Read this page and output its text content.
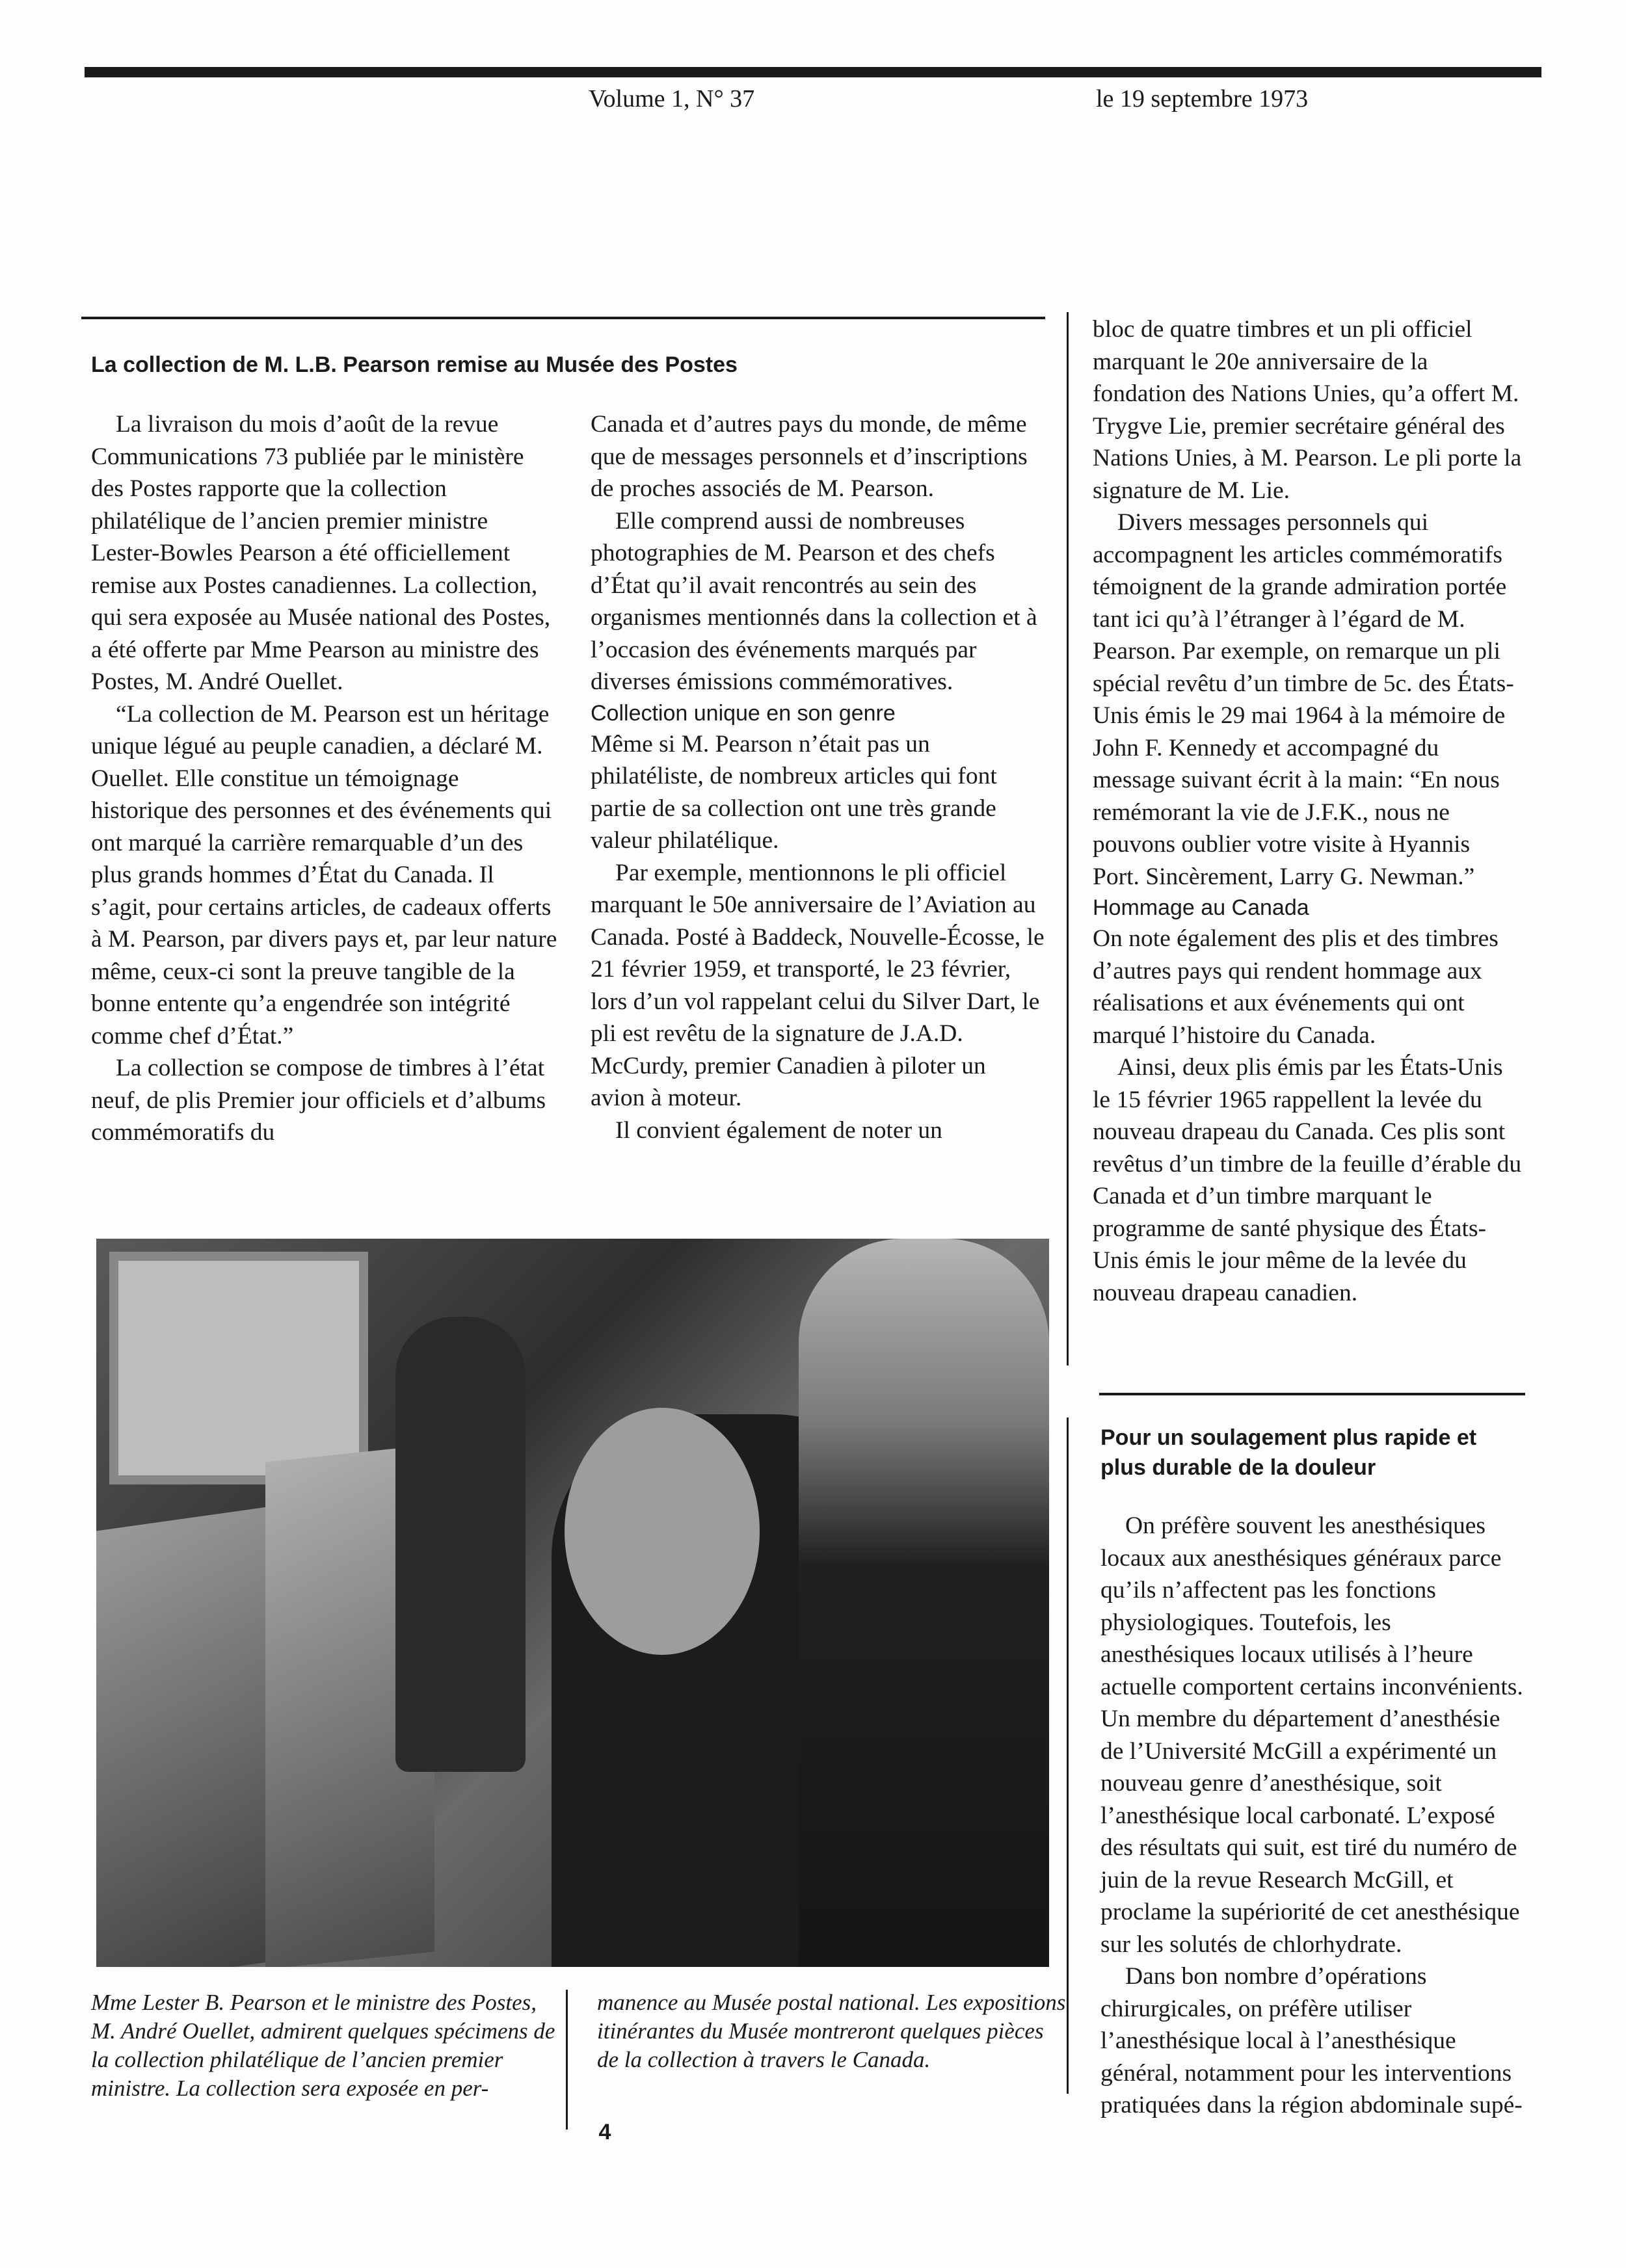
Volume 1, N° 37	le 19 septembre 1973
La collection de M. L.B. Pearson remise au Musée des Postes

La livraison du mois d’août de la revue Communications 73 publiée par le ministère des Postes rapporte que la collection philatélique de l’ancien premier ministre Lester-Bowles Pearson a été officiellement remise aux Postes canadiennes. La collection, qui sera exposée au Musée national des Postes, a été offerte par Mme Pearson au ministre des Postes, M. André Ouellet.

“La collection de M. Pearson est un héritage unique légué au peuple canadien, a déclaré M. Ouellet. Elle constitue un témoignage historique des personnes et des événements qui ont marqué la carrière remarquable d’un des plus grands hommes d’État du Canada. Il s’agit, pour certains articles, de cadeaux offerts à M. Pearson, par divers pays et, par leur nature même, ceux-ci sont la preuve tangible de la bonne entente qu’a engendrée son intégrité comme chef d’État.”

La collection se compose de timbres à l’état neuf, de plis Premier jour officiels et d’albums commémoratifs du

Canada et d’autres pays du monde, de même que de messages personnels et d’inscriptions de proches associés de M. Pearson.

Elle comprend aussi de nombreuses photographies de M. Pearson et des chefs d’État qu’il avait rencontrés au sein des organismes mentionnés dans la collection et à l’occasion des événements marqués par diverses émissions commémoratives.

Collection unique en son genre

Même si M. Pearson n’était pas un philatéliste, de nombreux articles qui font partie de sa collection ont une très grande valeur philatélique.

Par exemple, mentionnons le pli officiel marquant le 50e anniversaire de l’Aviation au Canada. Posté à Baddeck, Nouvelle-Écosse, le 21 février 1959, et transporté, le 23 février, lors d’un vol rappelant celui du Silver Dart, le pli est revêtu de la signature de J.A.D. McCurdy, premier Canadien à piloter un avion à moteur.

Il convient également de noter un

bloc de quatre timbres et un pli officiel marquant le 20e anniversaire de la fondation des Nations Unies, qu’a offert M. Trygve Lie, premier secrétaire général des Nations Unies, à M. Pearson. Le pli porte la signature de M. Lie.

Divers messages personnels qui accompagnent les articles commémoratifs témoignent de la grande admiration portée tant ici qu’à l’étranger à l’égard de M. Pearson. Par exemple, on remarque un pli spécial revêtu d’un timbre de 5c. des États-Unis émis le 29 mai 1964 à la mémoire de John F. Kennedy et accompagné du message suivant écrit à la main: “En nous remémorant la vie de J.F.K., nous ne pouvons oublier votre visite à Hyannis Port. Sincèrement, Larry G. Newman.”

Hommage au Canada

On note également des plis et des timbres d’autres pays qui rendent hommage aux réalisations et aux événements qui ont marqué l’histoire du Canada.

Ainsi, deux plis émis par les États-Unis le 15 février 1965 rappellent la levée du nouveau drapeau du Canada. Ces plis sont revêtus d’un timbre de la feuille d’érable du Canada et d’un timbre marquant le programme de santé physique des États-Unis émis le jour même de la levée du nouveau drapeau canadien.

Mme Lester B. Pearson et le ministre des Postes, M. André Ouellet, admirent quelques spécimens de la collection philatélique de l’ancien premier ministre. La collection sera exposée en per-
manence au Musée postal national. Les expositions itinérantes du Musée montreront quelques pièces de la collection à travers le Canada.
Pour un soulagement plus rapide et
plus durable de la douleur

On préfère souvent les anesthésiques locaux aux anesthésiques généraux parce qu’ils n’affectent pas les fonctions physiologiques. Toutefois, les anesthésiques locaux utilisés à l’heure actuelle comportent certains inconvénients. Un membre du département d’anesthésie de l’Université McGill a expérimenté un nouveau genre d’anesthésique, soit l’anesthésique local carbonaté. L’exposé des résultats qui suit, est tiré du numéro de juin de la revue Research McGill, et proclame la supériorité de cet anesthésique sur les solutés de chlorhydrate.

Dans bon nombre d’opérations chirurgicales, on préfère utiliser l’anesthésique local à l’anesthésique général, notamment pour les interventions pratiquées dans la région abdominale supé-

4
